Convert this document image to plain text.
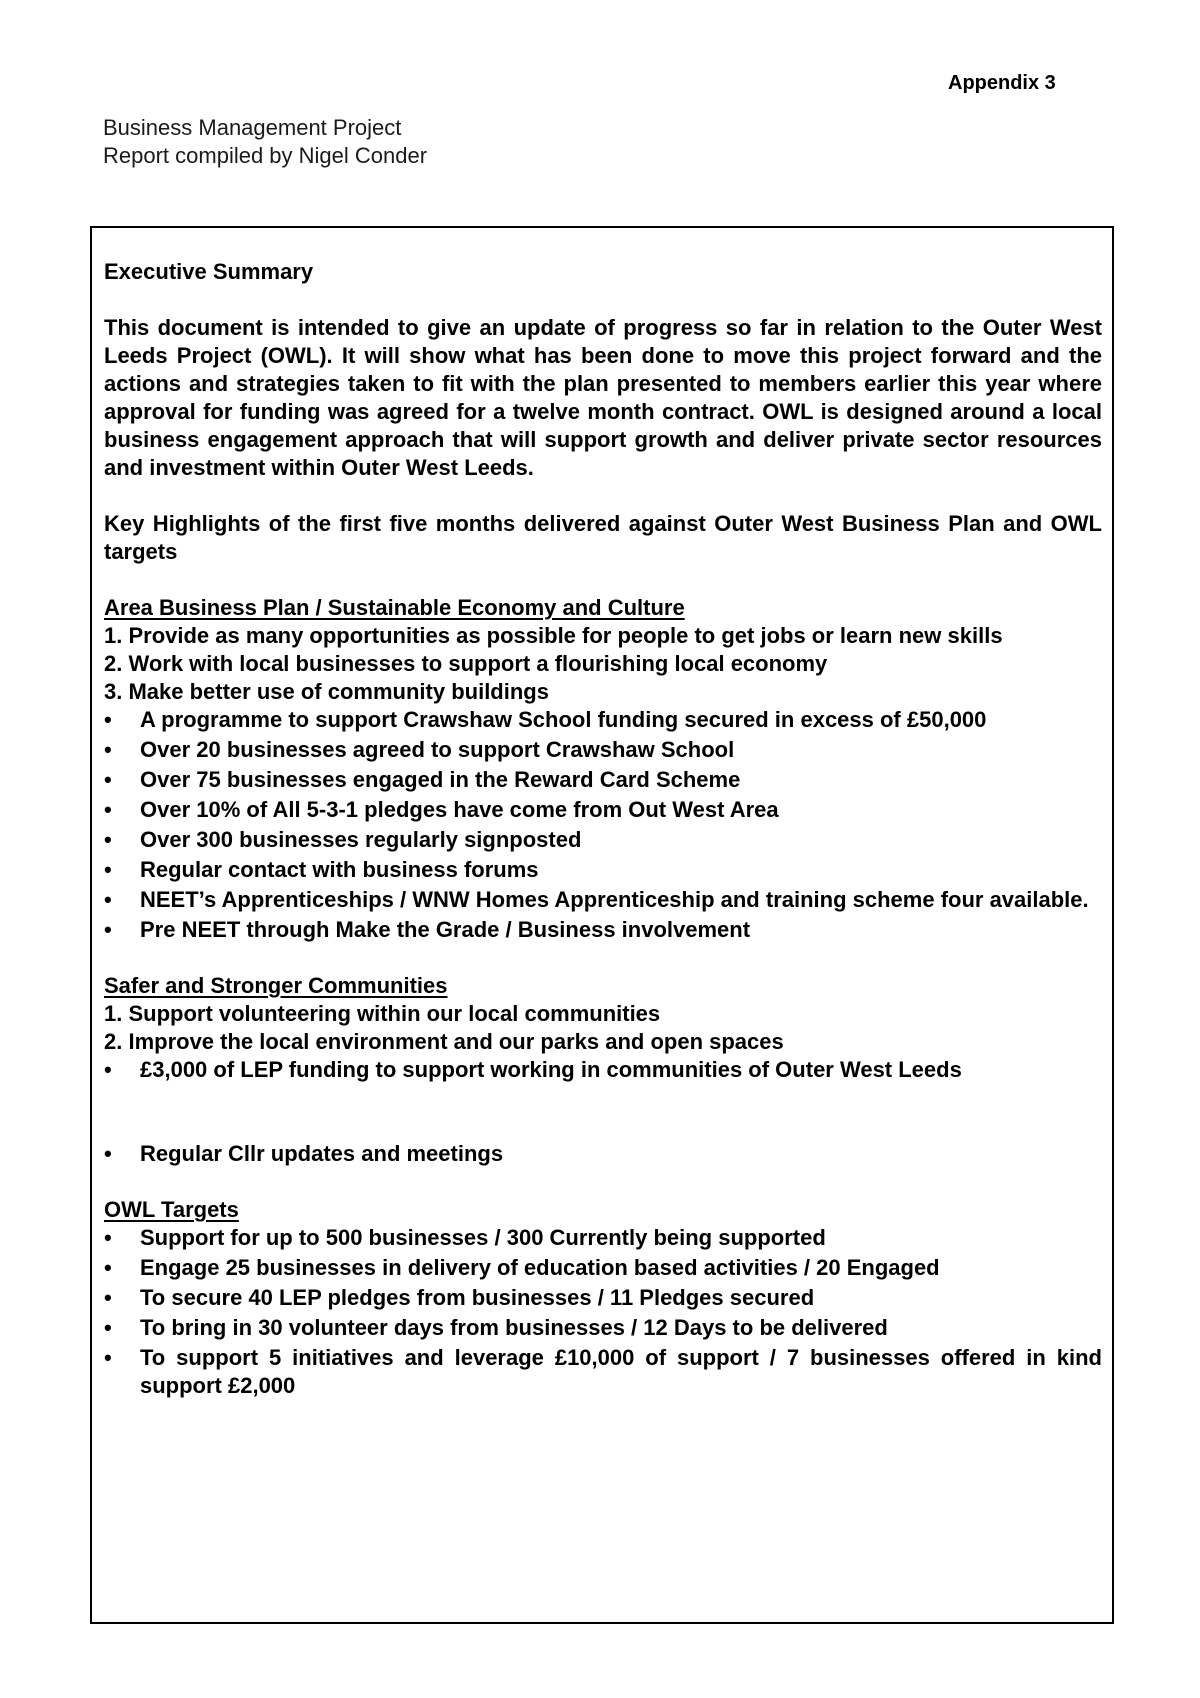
Appendix 3
Business Management Project
Report compiled by Nigel Conder

Executive Summary

This document is intended to give an update of progress so far in relation to the Outer West Leeds Project (OWL). It will show what has been done to move this project forward and the actions and strategies taken to fit with the plan presented to members earlier this year where approval for funding was agreed for a twelve month contract. OWL is designed around a local business engagement approach that will support growth and deliver private sector resources and investment within Outer West Leeds.

Key Highlights of the first five months delivered against Outer West Business Plan and OWL targets

Area Business Plan / Sustainable Economy and Culture

1. Provide as many opportunities as possible for people to get jobs or learn new skills
2. Work with local businesses to support a flourishing local economy
3. Make better use of community buildings
•	A programme to support Crawshaw School funding secured in excess of £50,000
•	Over 20 businesses agreed to support Crawshaw School
•	Over 75 businesses engaged in the Reward Card Scheme
•	Over 10% of All 5-3-1 pledges have come from Out West Area
•	Over 300 businesses regularly signposted
•	Regular contact with business forums
•	NEET’s Apprenticeships / WNW Homes Apprenticeship and training scheme four available.
•	Pre NEET through Make the Grade / Business involvement

Safer and Stronger Communities

1. Support volunteering within our local communities
2. Improve the local environment and our parks and open spaces
•	£3,000 of LEP funding to support working in communities of Outer West Leeds
•	Regular Cllr updates and meetings

OWL Targets

•	Support for up to 500 businesses / 300 Currently being supported
•	Engage 25 businesses in delivery of education based activities / 20 Engaged
•	To secure 40 LEP pledges from businesses / 11 Pledges secured
•	To bring in 30 volunteer days from businesses / 12 Days to be delivered
•	To support 5 initiatives and leverage £10,000 of support / 7 businesses offered in kind support £2,000
